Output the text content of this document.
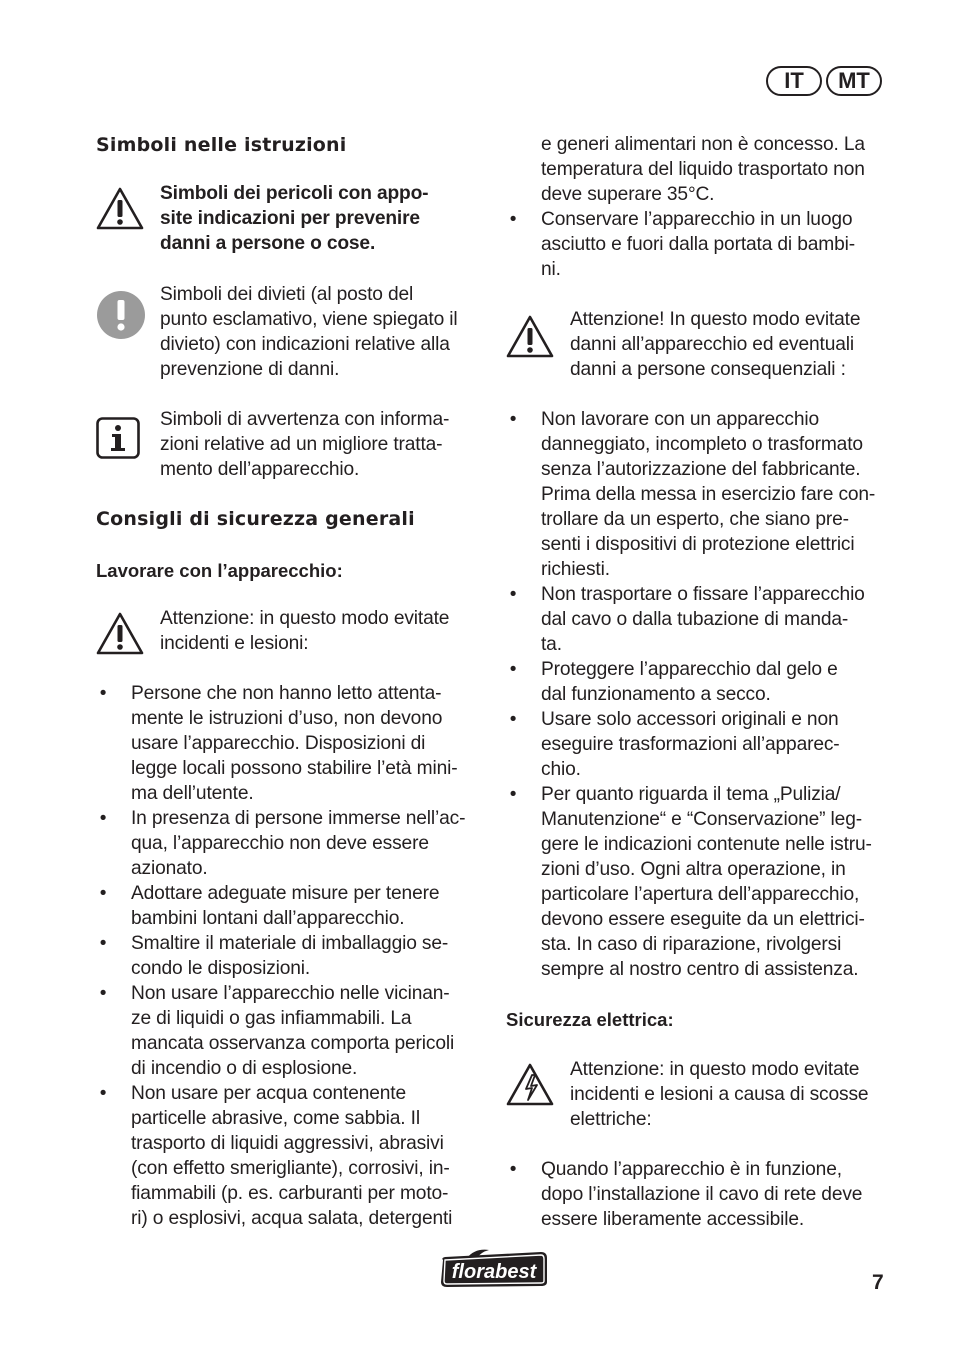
IT	MT
Simboli nelle istruzioni
Simboli dei pericoli con appo-
site indicazioni per prevenire
danni a persone o cose.
Simboli dei divieti (al posto del
punto esclamativo, viene spiegato il
divieto) con indicazioni relative alla
prevenzione di danni.
Simboli di avvertenza con informa-
zioni relative ad un migliore tratta-
mento dell’apparecchio.
Consigli di sicurezza generali
Lavorare con l’apparecchio:
Attenzione: in questo modo evitate
incidenti e lesioni:
• Persone che non hanno letto attenta-
mente le istruzioni d’uso, non devono
usare l’apparecchio. Disposizioni di
legge locali possono stabilire l’età mini-
ma dell’utente.
• In presenza di persone immerse nell’ac-
qua, l’apparecchio non deve essere
azionato.
• Adottare adeguate misure per tenere
bambini lontani dall’apparecchio.
• Smaltire il materiale di imballaggio se-
condo le disposizioni.
• Non usare l’apparecchio nelle vicinan-
ze di liquidi o gas infiammabili. La
mancata osservanza comporta pericoli
di incendio o di esplosione.
• Non usare per acqua contenente
particelle abrasive, come sabbia. Il
trasporto di liquidi aggressivi, abrasivi
(con effetto smerigliante), corrosivi, in-
fiammabili (p. es. carburanti per moto-
ri) o esplosivi, acqua salata, detergenti
e generi alimentari non è concesso. La
temperatura del liquido trasportato non
deve superare 35°C.
• Conservare l’apparecchio in un luogo
asciutto e fuori dalla portata di bambi-
ni.
Attenzione! In questo modo evitate
danni all’apparecchio ed eventuali
danni a persone consequenziali :
• Non lavorare con un apparecchio
danneggiato, incompleto o trasformato
senza l’autorizzazione del fabbricante.
Prima della messa in esercizio fare con-
trollare da un esperto, che siano pre-
senti i dispositivi di protezione elettrici
richiesti.
• Non trasportare o fissare l’apparecchio
dal cavo o dalla tubazione di manda-
ta.
• Proteggere l’apparecchio dal gelo e
dal funzionamento a secco.
• Usare solo accessori originali e non
eseguire trasformazioni all’apparec-
chio.
• Per quanto riguarda il tema „Pulizia/
Manutenzione“ e “Conservazione” leg-
gere le indicazioni contenute nelle istru-
zioni d’uso. Ogni altra operazione, in
particolare l’apertura dell’apparecchio,
devono essere eseguite da un elettrici-
sta. In caso di riparazione, rivolgersi
sempre al nostro centro di assistenza.
Sicurezza elettrica:
Attenzione: in questo modo evitate
incidenti e lesioni a causa di scosse
elettriche:
• Quando l’apparecchio è in funzione,
dopo l’installazione il cavo di rete deve
essere liberamente accessibile.
florabest	7
